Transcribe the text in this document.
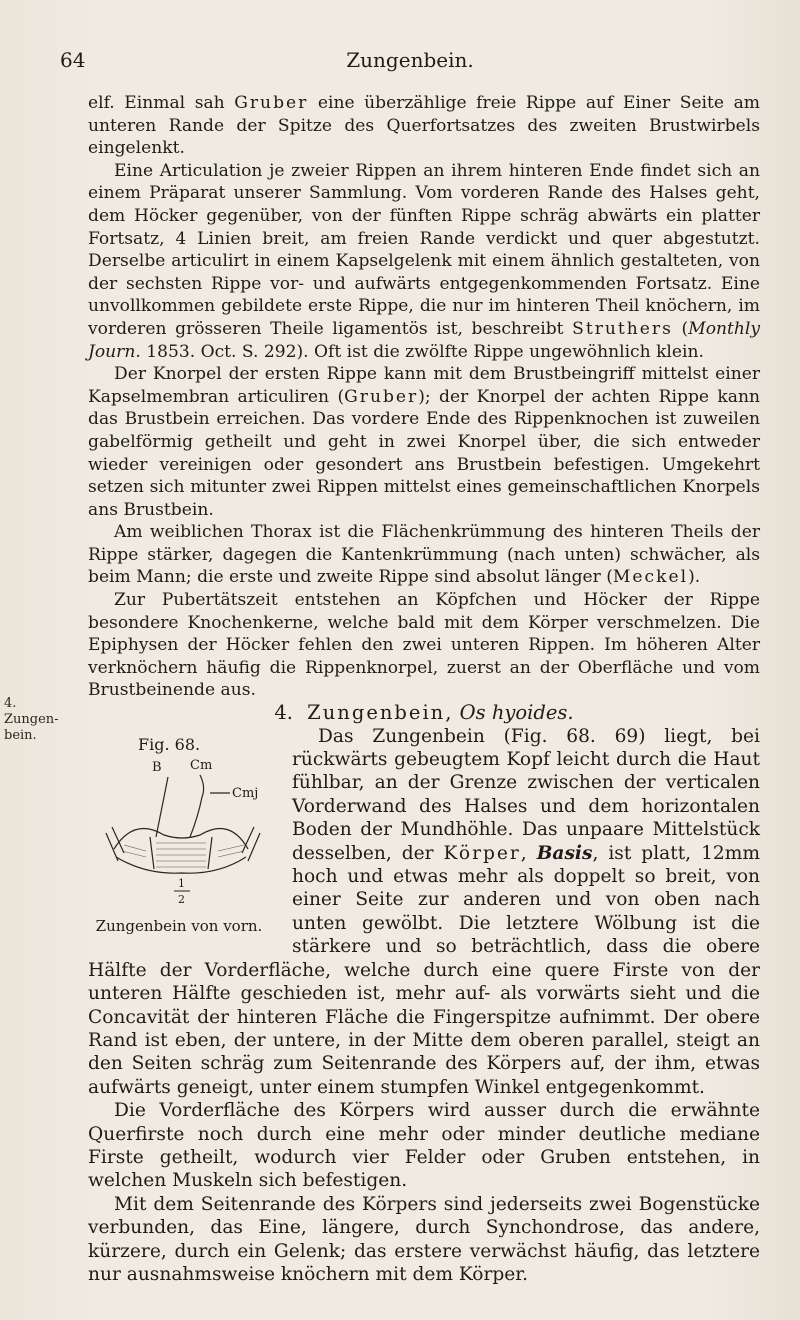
64	Zungenbein.
4. Zungen-
bein.

elf. Einmal sah Gruber eine überzählige freie Rippe auf Einer Seite am unteren Rande der Spitze des Querfortsatzes des zweiten Brustwirbels eingelenkt.

Eine Articulation je zweier Rippen an ihrem hinteren Ende findet sich an einem Präparat unserer Sammlung. Vom vorderen Rande des Halses geht, dem Höcker gegenüber, von der fünften Rippe schräg abwärts ein platter Fortsatz, 4 Linien breit, am freien Rande verdickt und quer abgestutzt. Derselbe articulirt in einem Kapselgelenk mit einem ähnlich gestalteten, von der sechsten Rippe vor- und aufwärts entgegenkommenden Fortsatz. Eine unvollkommen gebildete erste Rippe, die nur im hinteren Theil knöchern, im vorderen grösseren Theile ligamentös ist, beschreibt Struthers (Monthly Journ. 1853. Oct. S. 292). Oft ist die zwölfte Rippe ungewöhnlich klein.

Der Knorpel der ersten Rippe kann mit dem Brustbeingriff mittelst einer Kapselmembran articuliren (Gruber); der Knorpel der achten Rippe kann das Brustbein erreichen. Das vordere Ende des Rippenknochen ist zuweilen gabelförmig getheilt und geht in zwei Knorpel über, die sich entweder wieder vereinigen oder gesondert ans Brustbein befestigen. Umgekehrt setzen sich mitunter zwei Rippen mittelst eines gemeinschaftlichen Knorpels ans Brustbein.

Am weiblichen Thorax ist die Flächenkrümmung des hinteren Theils der Rippe stärker, dagegen die Kantenkrümmung (nach unten) schwächer, als beim Mann; die erste und zweite Rippe sind absolut länger (Meckel).

Zur Pubertätszeit entstehen an Köpfchen und Höcker der Rippe besondere Knochenkerne, welche bald mit dem Körper verschmelzen. Die Epiphysen der Höcker fehlen den zwei unteren Rippen. Im höheren Alter verknöchern häufig die Rippenknorpel, zuerst an der Oberfläche und vom Brustbeinende aus.

4. Zungenbein, Os hyoides.

Fig. 68.
B Cm
Cmj
1
2
Zungenbein von vorn.

Das Zungenbein (Fig. 68. 69) liegt, bei rückwärts gebeugtem Kopf leicht durch die Haut fühlbar, an der Grenze zwischen der verticalen Vorderwand des Halses und dem horizontalen Boden der Mundhöhle. Das unpaare Mittelstück desselben, der Körper, Basis, ist platt, 12mm hoch und etwas mehr als doppelt so breit, von einer Seite zur anderen und von oben nach unten gewölbt. Die letztere Wölbung ist die stärkere und so beträchtlich, dass die obere Hälfte der Vorderfläche, welche durch eine quere Firste von der unteren Hälfte geschieden ist, mehr auf- als vorwärts sieht und die Concavität der hinteren Fläche die Fingerspitze aufnimmt. Der obere Rand ist eben, der untere, in der Mitte dem oberen parallel, steigt an den Seiten schräg zum Seitenrande des Körpers auf, der ihm, etwas aufwärts geneigt, unter einem stumpfen Winkel entgegenkommt.

Die Vorderfläche des Körpers wird ausser durch die erwähnte Querfirste noch durch eine mehr oder minder deutliche mediane Firste getheilt, wodurch vier Felder oder Gruben entstehen, in welchen Muskeln sich befestigen.

Mit dem Seitenrande des Körpers sind jederseits zwei Bogenstücke verbunden, das Eine, längere, durch Synchondrose, das andere, kürzere, durch ein Gelenk; das erstere verwächst häufig, das letztere nur ausnahmsweise knöchern mit dem Körper.
